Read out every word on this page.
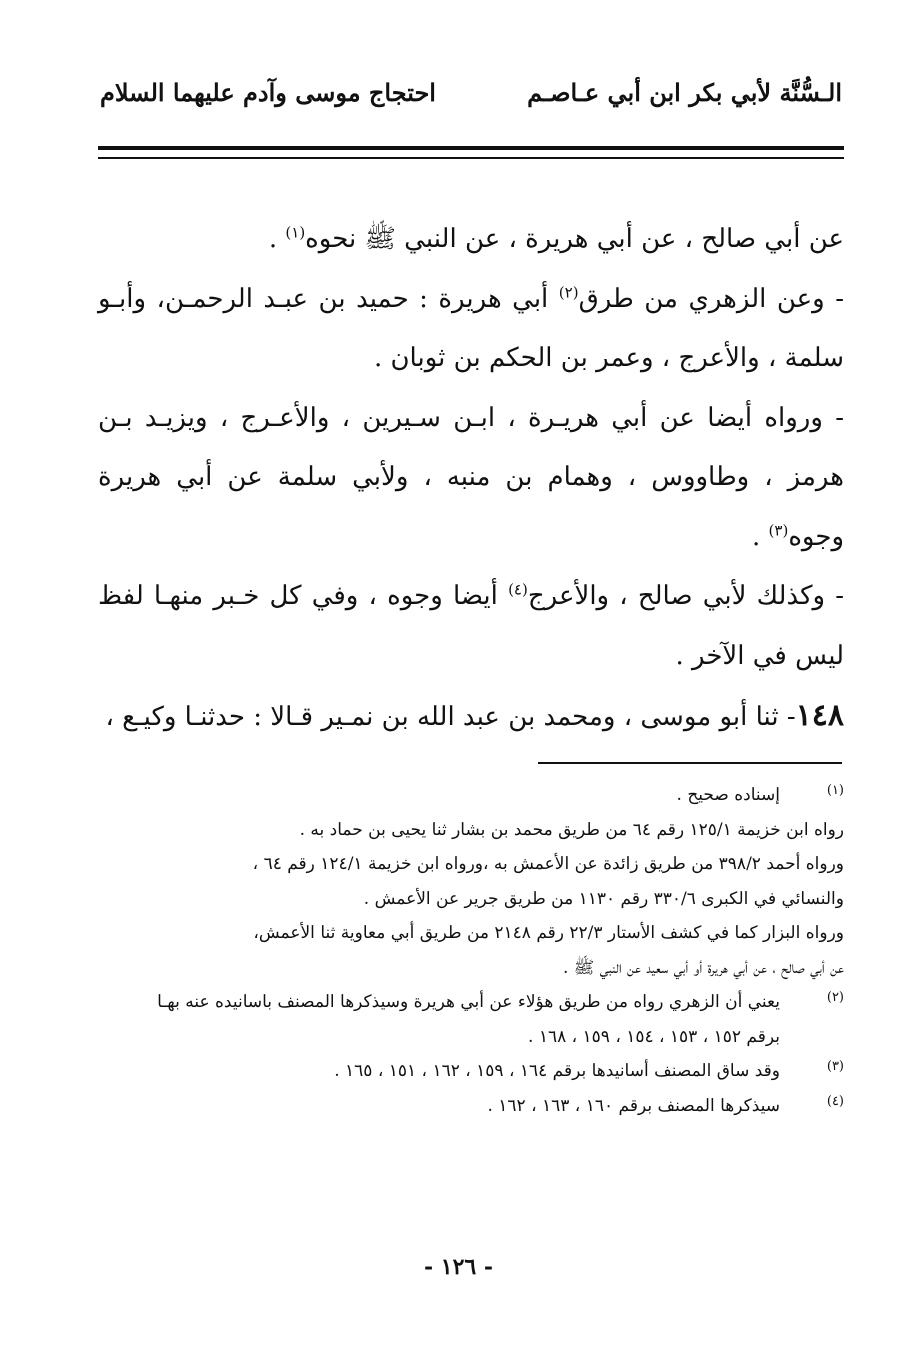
الـسُّنَّة لأبي بكر ابن أبي عـاصـم
احتجاج موسى وآدم عليهما السلام

عن أبي صالح ، عن أبي هريرة ، عن النبي ﷺ نحوه$^{(١)}$ .

- وعن الزهري من طرق$^{(٢)}$ أبي هريرة : حميد بن عبـد الرحمـن، وأبـو سلمة ، والأعرج ، وعمر بن الحكم بن ثوبان .

- ورواه أيضا عن أبي هريـرة ، ابـن سـيرين ، والأعـرج ، ويزيـد بـن هرمز ، وطاووس ، وهمام بن منبه ، ولأبي سلمة عن أبي هريرة وجوه$^{(٣)}$ .

- وكذلك لأبي صالح ، والأعرج$^{(٤)}$ أيضا وجوه ، وفي كل خـبر منهـا لفظ ليس في الآخر .

١٤٨- ثنا أبو موسى ، ومحمد بن عبد الله بن نمـير قـالا : حدثنـا وكيـع ،

(١)
إسناده صحيح .
رواه ابن خزيمة ١٢٥/١ رقم ٦٤ من طريق محمد بن بشار ثنا يحيى بن حماد به .
ورواه أحمد ٣٩٨/٢ من طريق زائدة عن الأعمش به ،ورواه ابن خزيمة ١٢٤/١ رقم ٦٤ ،
والنسائي في الكبرى ٣٣٠/٦ رقم ١١٣٠ من طريق جرير عن الأعمش .
ورواه البزار كما في كشف الأستار ٢٢/٣ رقم ٢١٤٨ من طريق أبي معاوية ثنا الأعمش،
عن أبي صالح ، عن أبي هريرة أو أبي سعيد عن النبي ﷺ .
(٢)
يعني أن الزهري رواه من طريق هؤلاء عن أبي هريرة وسيذكرها المصنف باسانيده عنه بهـا
برقم ١٥٢ ، ١٥٣ ، ١٥٤ ، ١٥٩ ، ١٦٨ .
(٣)
وقد ساق المصنف أسانيدها برقم ١٦٤ ، ١٥٩ ، ١٦٢ ، ١٥١ ، ١٦٥ .
(٤)
سيذكرها المصنف برقم ١٦٠ ، ١٦٣ ، ١٦٢ .
- ١٢٦ -
